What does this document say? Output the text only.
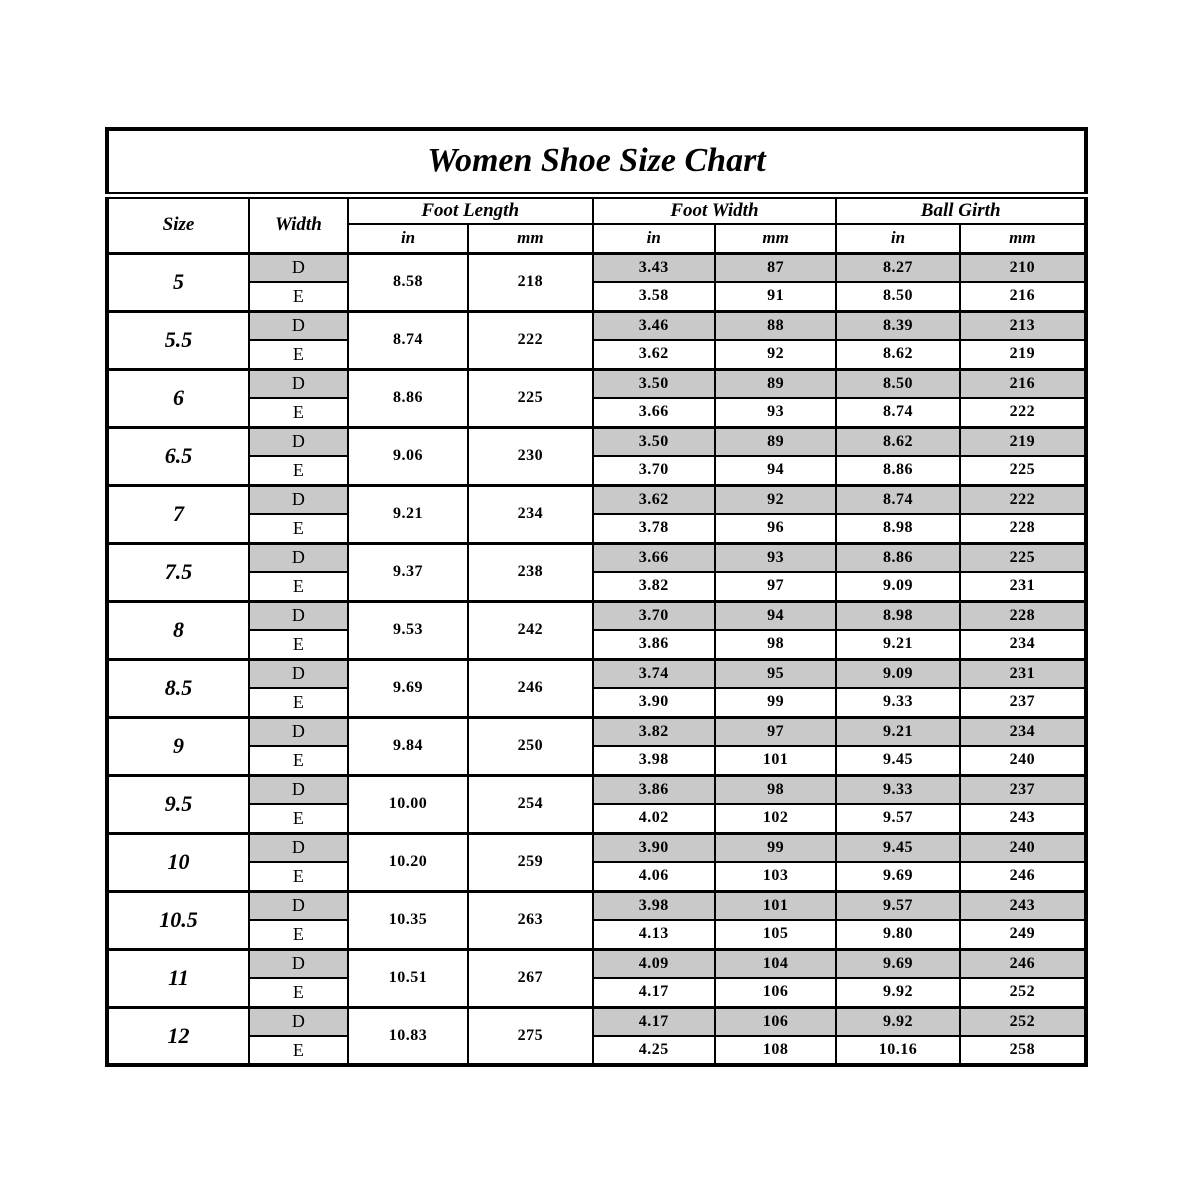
Women Shoe Size Chart							
Size	Width	Foot Length		Foot Width		Ball Girth	
		in	mm	in	mm	in	mm
5	D	8.58	218	3.43	87	8.27	210
	E			3.58	91	8.50	216
5.5	D	8.74	222	3.46	88	8.39	213
	E			3.62	92	8.62	219
6	D	8.86	225	3.50	89	8.50	216
	E			3.66	93	8.74	222
6.5	D	9.06	230	3.50	89	8.62	219
	E			3.70	94	8.86	225
7	D	9.21	234	3.62	92	8.74	222
	E			3.78	96	8.98	228
7.5	D	9.37	238	3.66	93	8.86	225
	E			3.82	97	9.09	231
8	D	9.53	242	3.70	94	8.98	228
	E			3.86	98	9.21	234
8.5	D	9.69	246	3.74	95	9.09	231
	E			3.90	99	9.33	237
9	D	9.84	250	3.82	97	9.21	234
	E			3.98	101	9.45	240
9.5	D	10.00	254	3.86	98	9.33	237
	E			4.02	102	9.57	243
10	D	10.20	259	3.90	99	9.45	240
	E			4.06	103	9.69	246
10.5	D	10.35	263	3.98	101	9.57	243
	E			4.13	105	9.80	249
11	D	10.51	267	4.09	104	9.69	246
	E			4.17	106	9.92	252
12	D	10.83	275	4.17	106	9.92	252
	E			4.25	108	10.16	258
